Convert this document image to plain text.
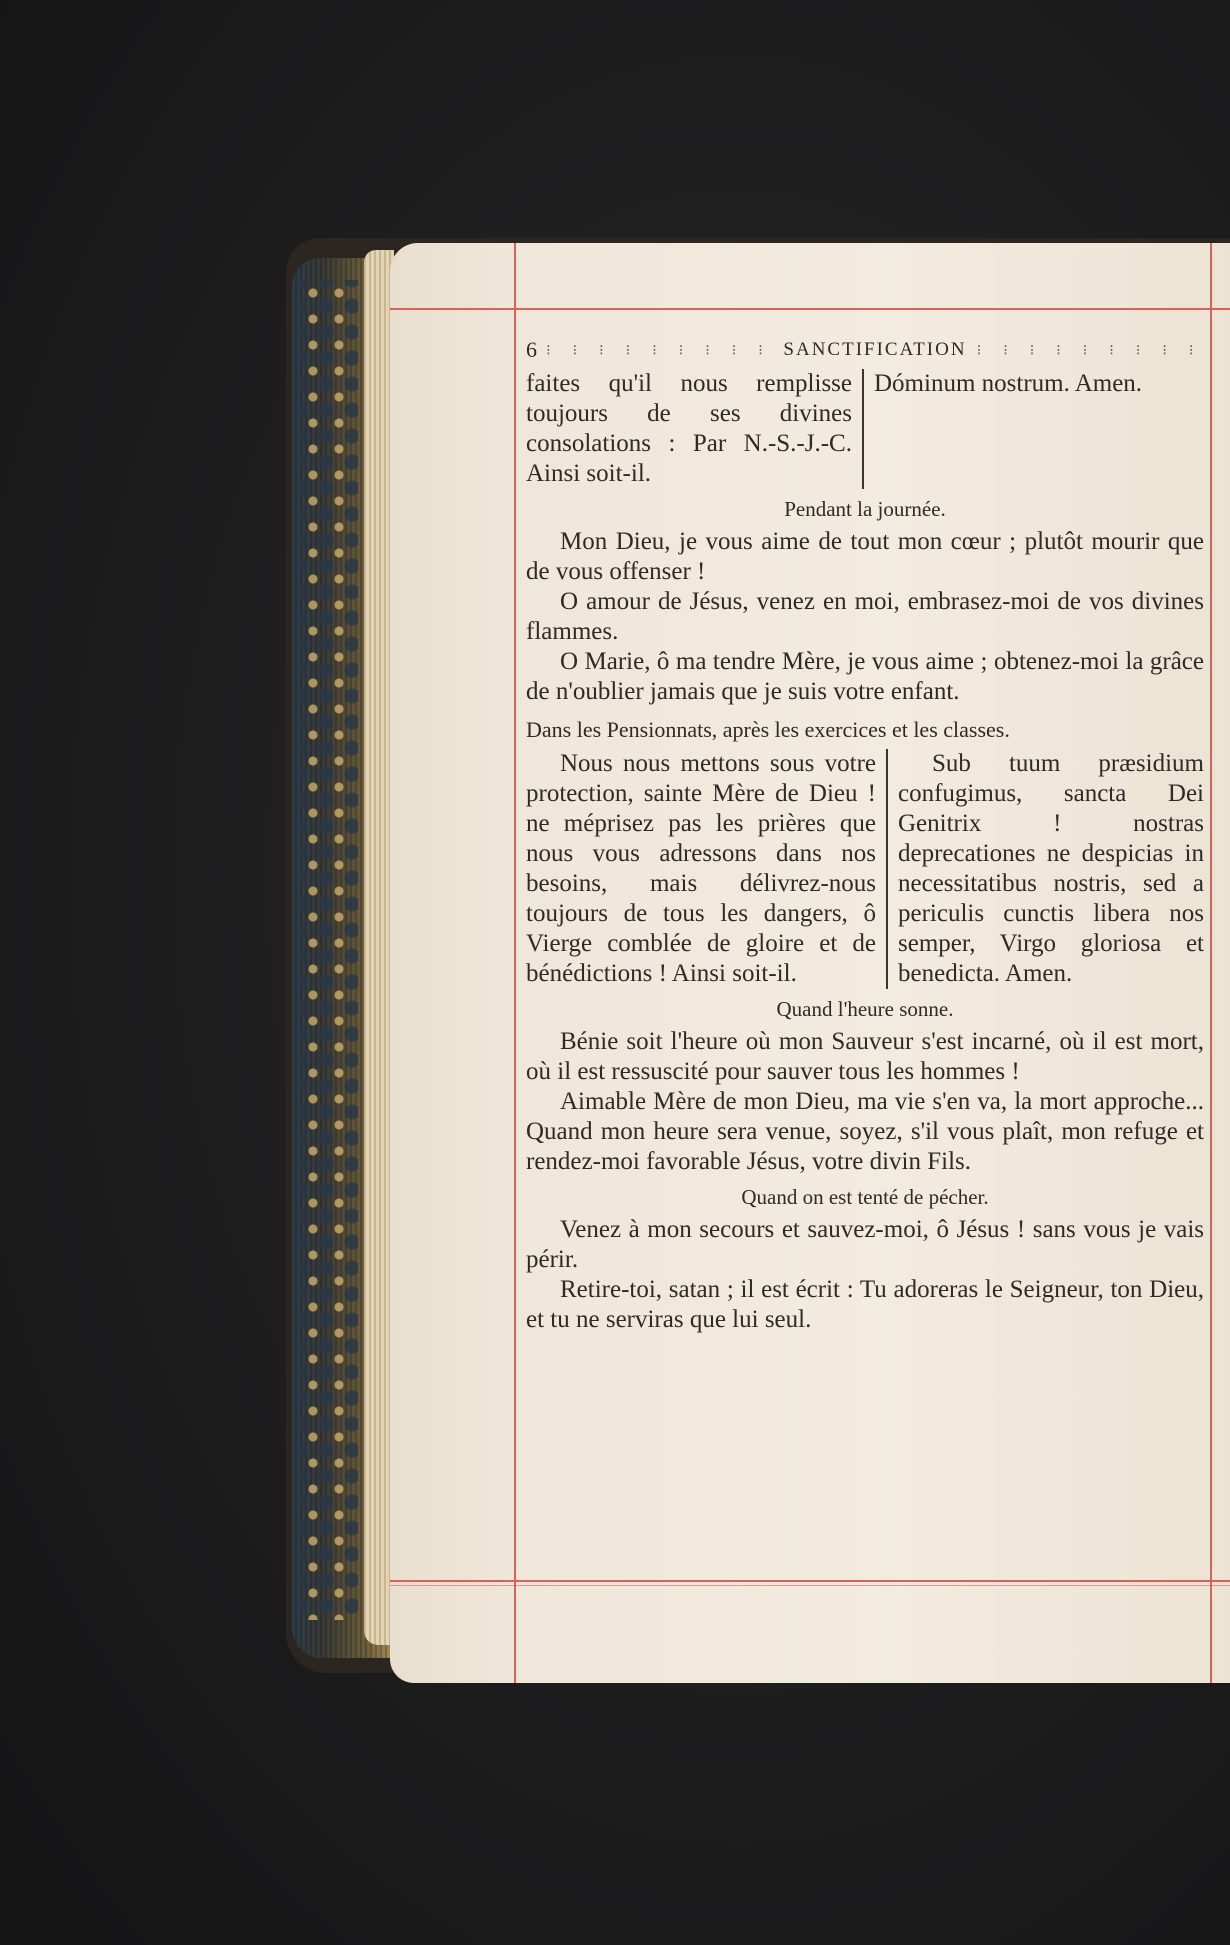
6 ⁝ ⁝ ⁝ ⁝ ⁝ ⁝ ⁝ ⁝ ⁝ SANCTIFICATION ⁝ ⁝ ⁝ ⁝ ⁝ ⁝ ⁝ ⁝ ⁝

faites qu'il nous remplisse toujours de ses divines consolations : Par N.-S.-J.-C. Ainsi soit-il.

Dóminum nostrum. Amen.

Pendant la journée.

Mon Dieu, je vous aime de tout mon cœur ; plutôt mourir que de vous offenser !

O amour de Jésus, venez en moi, embrasez-moi de vos divines flammes.

O Marie, ô ma tendre Mère, je vous aime ; obtenez-moi la grâce de n'oublier jamais que je suis votre enfant.

Dans les Pensionnats, après les exercices et les classes.

Nous nous mettons sous votre protection, sainte Mère de Dieu ! ne méprisez pas les prières que nous vous adressons dans nos besoins, mais délivrez-nous toujours de tous les dangers, ô Vierge comblée de gloire et de bénédictions ! Ainsi soit-il.

Sub tuum præsidium confugimus, sancta Dei Genitrix ! nostras deprecationes ne despicias in necessitatibus nostris, sed a periculis cunctis libera nos semper, Virgo gloriosa et benedicta. Amen.

Quand l'heure sonne.

Bénie soit l'heure où mon Sauveur s'est incarné, où il est mort, où il est ressuscité pour sauver tous les hommes !

Aimable Mère de mon Dieu, ma vie s'en va, la mort approche... Quand mon heure sera venue, soyez, s'il vous plaît, mon refuge et rendez-moi favorable Jésus, votre divin Fils.

Quand on est tenté de pécher.

Venez à mon secours et sauvez-moi, ô Jésus ! sans vous je vais périr.

Retire-toi, satan ; il est écrit : Tu adoreras le Seigneur, ton Dieu, et tu ne serviras que lui seul.
